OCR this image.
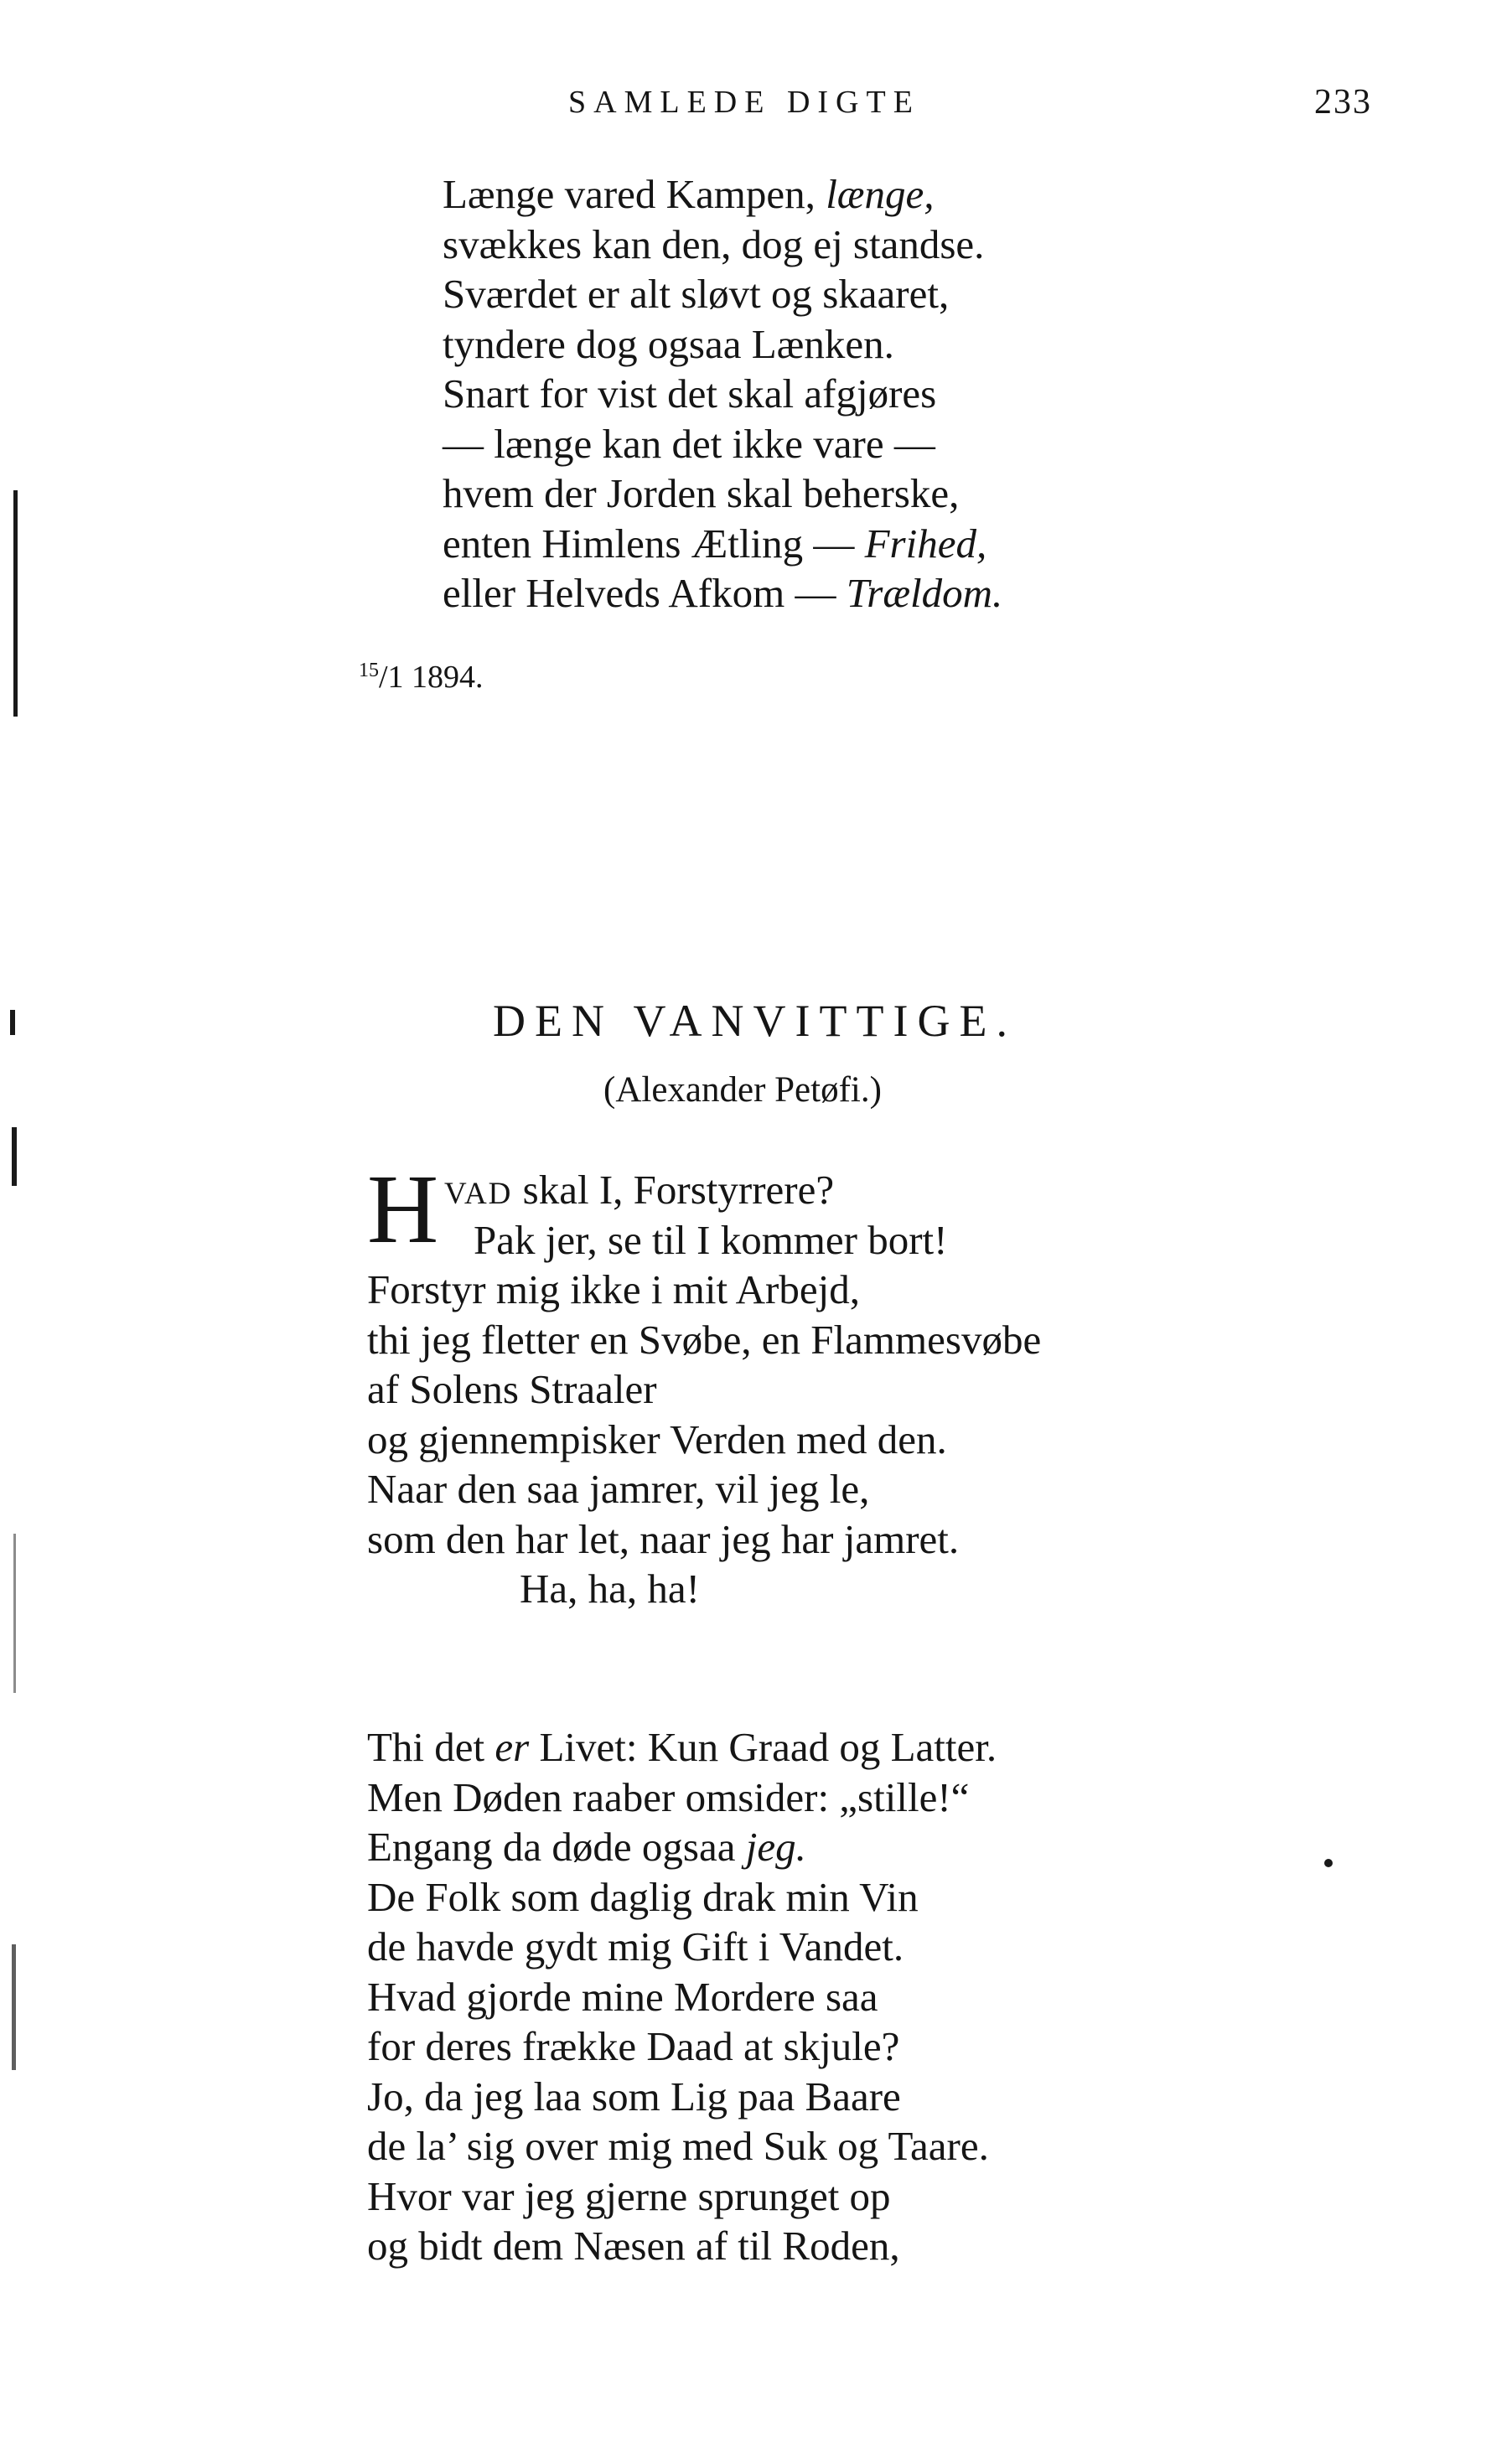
SAMLEDE DIGTE	233
Længe vared Kampen, længe,
svækkes kan den, dog ej standse.
Sværdet er alt sløvt og skaaret,
tyndere dog ogsaa Lænken.
Snart for vist det skal afgjøres
— længe kan det ikke vare —
hvem der Jorden skal beherske,
enten Himlens Ætling — Frihed,
eller Helveds Afkom — Trældom.
$^{15}$/1 1894.
DEN VANVITTIGE.
(Alexander Petøfi.)
H VAD skal I, Forstyrrere?
Pak jer, se til I kommer bort!
Forstyr mig ikke i mit Arbejd,
thi jeg fletter en Svøbe, en Flammesvøbe
af Solens Straaler
og gjennempisker Verden med den.
Naar den saa jamrer, vil jeg le,
som den har let, naar jeg har jamret.
Ha, ha, ha!
Thi det er Livet: Kun Graad og Latter.
Men Døden raaber omsider: „stille!“
Engang da døde ogsaa jeg.
De Folk som daglig drak min Vin
de havde gydt mig Gift i Vandet.
Hvad gjorde mine Mordere saa
for deres frække Daad at skjule?
Jo, da jeg laa som Lig paa Baare
de la’ sig over mig med Suk og Taare.
Hvor var jeg gjerne sprunget op
og bidt dem Næsen af til Roden,
